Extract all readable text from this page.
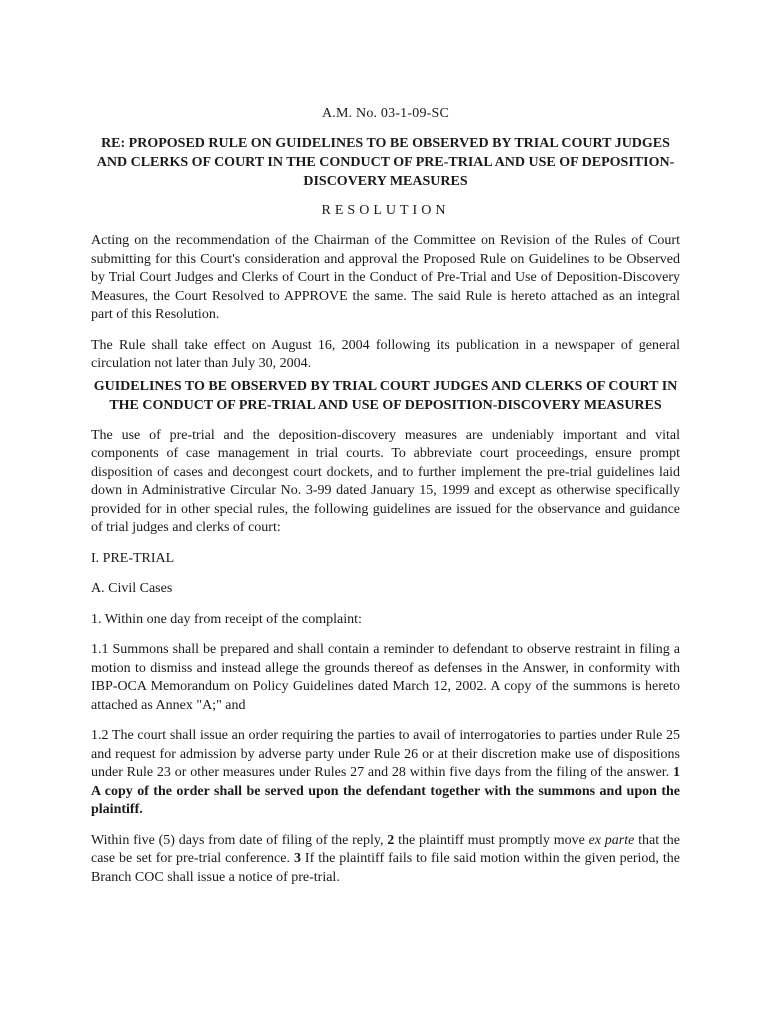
A.M. No. 03-1-09-SC
RE: PROPOSED RULE ON GUIDELINES TO BE OBSERVED BY TRIAL COURT JUDGES AND CLERKS OF COURT IN THE CONDUCT OF PRE-TRIAL AND USE OF DEPOSITION-DISCOVERY MEASURES
RESOLUTION

Acting on the recommendation of the Chairman of the Committee on Revision of the Rules of Court submitting for this Court's consideration and approval the Proposed Rule on Guidelines to be Observed by Trial Court Judges and Clerks of Court in the Conduct of Pre-Trial and Use of Deposition-Discovery Measures, the Court Resolved to APPROVE the same. The said Rule is hereto attached as an integral part of this Resolution.

The Rule shall take effect on August 16, 2004 following its publication in a newspaper of general circulation not later than July 30, 2004.

GUIDELINES TO BE OBSERVED BY TRIAL COURT JUDGES AND CLERKS OF COURT IN THE CONDUCT OF PRE-TRIAL AND USE OF DEPOSITION-DISCOVERY MEASURES

The use of pre-trial and the deposition-discovery measures are undeniably important and vital components of case management in trial courts. To abbreviate court proceedings, ensure prompt disposition of cases and decongest court dockets, and to further implement the pre-trial guidelines laid down in Administrative Circular No. 3-99 dated January 15, 1999 and except as otherwise specifically provided for in other special rules, the following guidelines are issued for the observance and guidance of trial judges and clerks of court:

I. PRE-TRIAL

A. Civil Cases

1. Within one day from receipt of the complaint:

1.1 Summons shall be prepared and shall contain a reminder to defendant to observe restraint in filing a motion to dismiss and instead allege the grounds thereof as defenses in the Answer, in conformity with IBP-OCA Memorandum on Policy Guidelines dated March 12, 2002. A copy of the summons is hereto attached as Annex "A;" and

1.2 The court shall issue an order requiring the parties to avail of interrogatories to parties under Rule 25 and request for admission by adverse party under Rule 26 or at their discretion make use of dispositions under Rule 23 or other measures under Rules 27 and 28 within five days from the filing of the answer. 1 A copy of the order shall be served upon the defendant together with the summons and upon the plaintiff.

Within five (5) days from date of filing of the reply, 2 the plaintiff must promptly move ex parte that the case be set for pre-trial conference. 3 If the plaintiff fails to file said motion within the given period, the Branch COC shall issue a notice of pre-trial.
